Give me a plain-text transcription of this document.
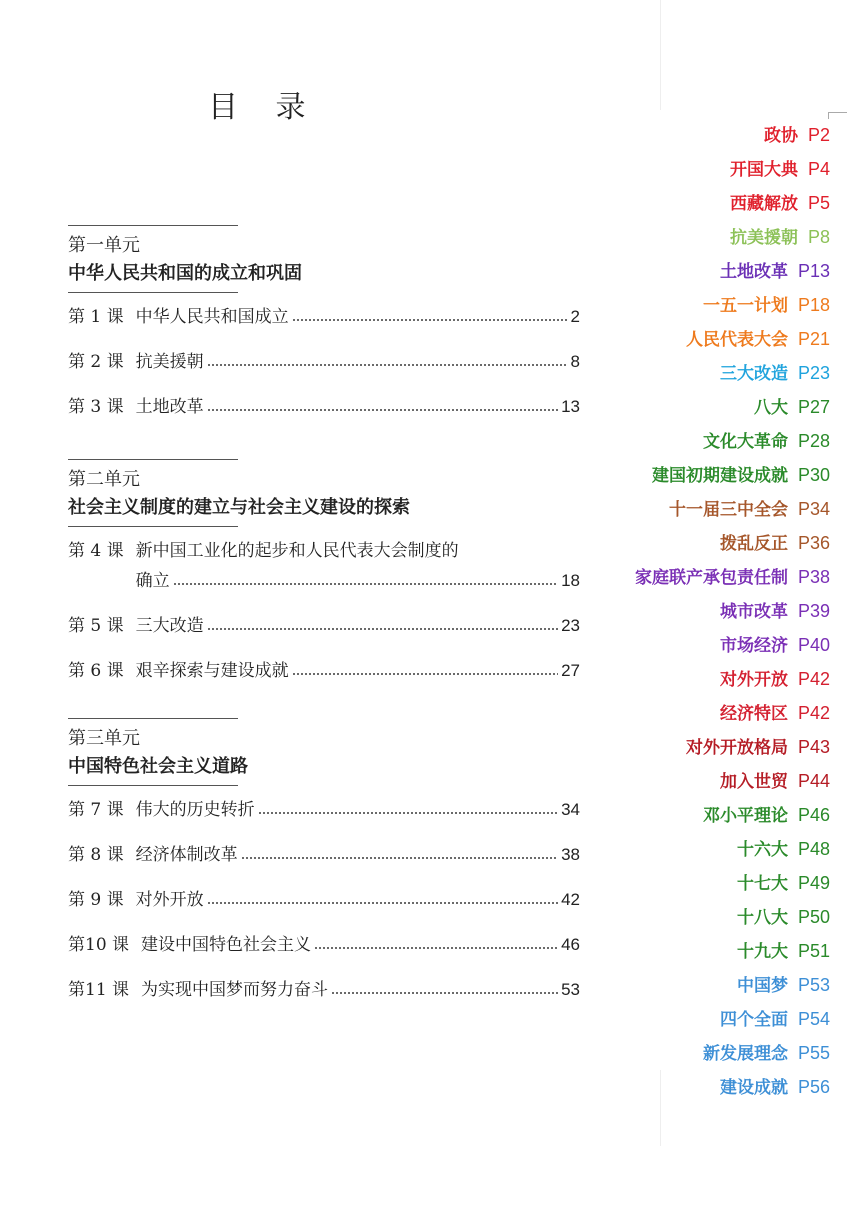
目 录
第一单元
中华人民共和国的成立和巩固
第 1 课 中华人民共和国成立	2
第 2 课 抗美援朝	8
第 3 课 土地改革	13
第二单元
社会主义制度的建立与社会主义建设的探索
第 4 课 新中国工业化的起步和人民代表大会制度的
确立	18
第 5 课 三大改造	23
第 6 课 艰辛探索与建设成就	27
第三单元
中国特色社会主义道路
第 7 课 伟大的历史转折	34
第 8 课 经济体制改革	38
第 9 课 对外开放	42
第10 课 建设中国特色社会主义	46
第11 课 为实现中国梦而努力奋斗	53
政协 P2
开国大典 P4
西藏解放 P5
抗美援朝 P8
土地改革 P13
一五一计划 P18
人民代表大会 P21
三大改造 P23
八大 P27
文化大革命 P28
建国初期建设成就 P30
十一届三中全会 P34
拨乱反正 P36
家庭联产承包责任制 P38
城市改革 P39
市场经济 P40
对外开放 P42
经济特区 P42
对外开放格局 P43
加入世贸 P44
邓小平理论 P46
十六大 P48
十七大 P49
十八大 P50
十九大 P51
中国梦 P53
四个全面 P54
新发展理念 P55
建设成就 P56
